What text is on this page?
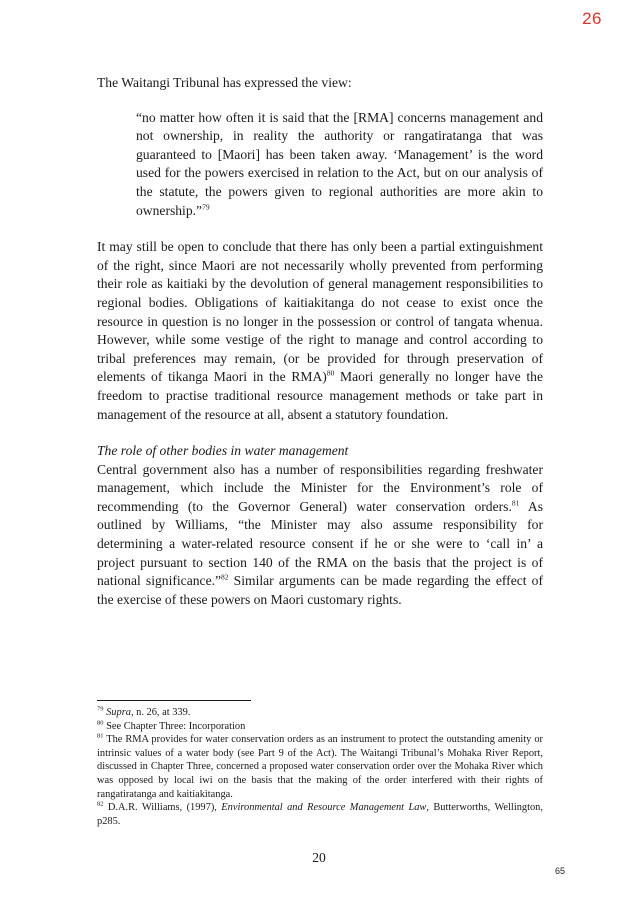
26

The Waitangi Tribunal has expressed the view:

“no matter how often it is said that the [RMA] concerns management and not ownership, in reality the authority or rangatiratanga that was guaranteed to [Maori] has been taken away. ‘Management’ is the word used for the powers exercised in relation to the Act, but on our analysis of the statute, the powers given to regional authorities are more akin to ownership.”$^{79}$

It may still be open to conclude that there has only been a partial extinguishment of the right, since Maori are not necessarily wholly prevented from performing their role as kaitiaki by the devolution of general management responsibilities to regional bodies. Obligations of kaitiakitanga do not cease to exist once the resource in question is no longer in the possession or control of tangata whenua. However, while some vestige of the right to manage and control according to tribal preferences may remain, (or be provided for through preservation of elements of tikanga Maori in the RMA)$^{80}$ Maori generally no longer have the freedom to practise traditional resource management methods or take part in management of the resource at all, absent a statutory foundation.

The role of other bodies in water management

Central government also has a number of responsibilities regarding freshwater management, which include the Minister for the Environment’s role of recommending (to the Governor General) water conservation orders.$^{81}$ As outlined by Williams, “the Minister may also assume responsibility for determining a water-related resource consent if he or she were to ‘call in’ a project pursuant to section 140 of the RMA on the basis that the project is of national significance.”$^{82}$ Similar arguments can be made regarding the effect of the exercise of these powers on Maori customary rights.

$^{79}$ Supra, n. 26, at 339.

$^{80}$ See Chapter Three: Incorporation

$^{81}$ The RMA provides for water conservation orders as an instrument to protect the outstanding amenity or intrinsic values of a water body (see Part 9 of the Act). The Waitangi Tribunal’s Mohaka River Report, discussed in Chapter Three, concerned a proposed water conservation order over the Mohaka River which was opposed by local iwi on the basis that the making of the order interfered with their rights of rangatiratanga and kaitiakitanga.

$^{82}$ D.A.R. Williams, (1997), Environmental and Resource Management Law, Butterworths, Wellington, p285.

20
65
